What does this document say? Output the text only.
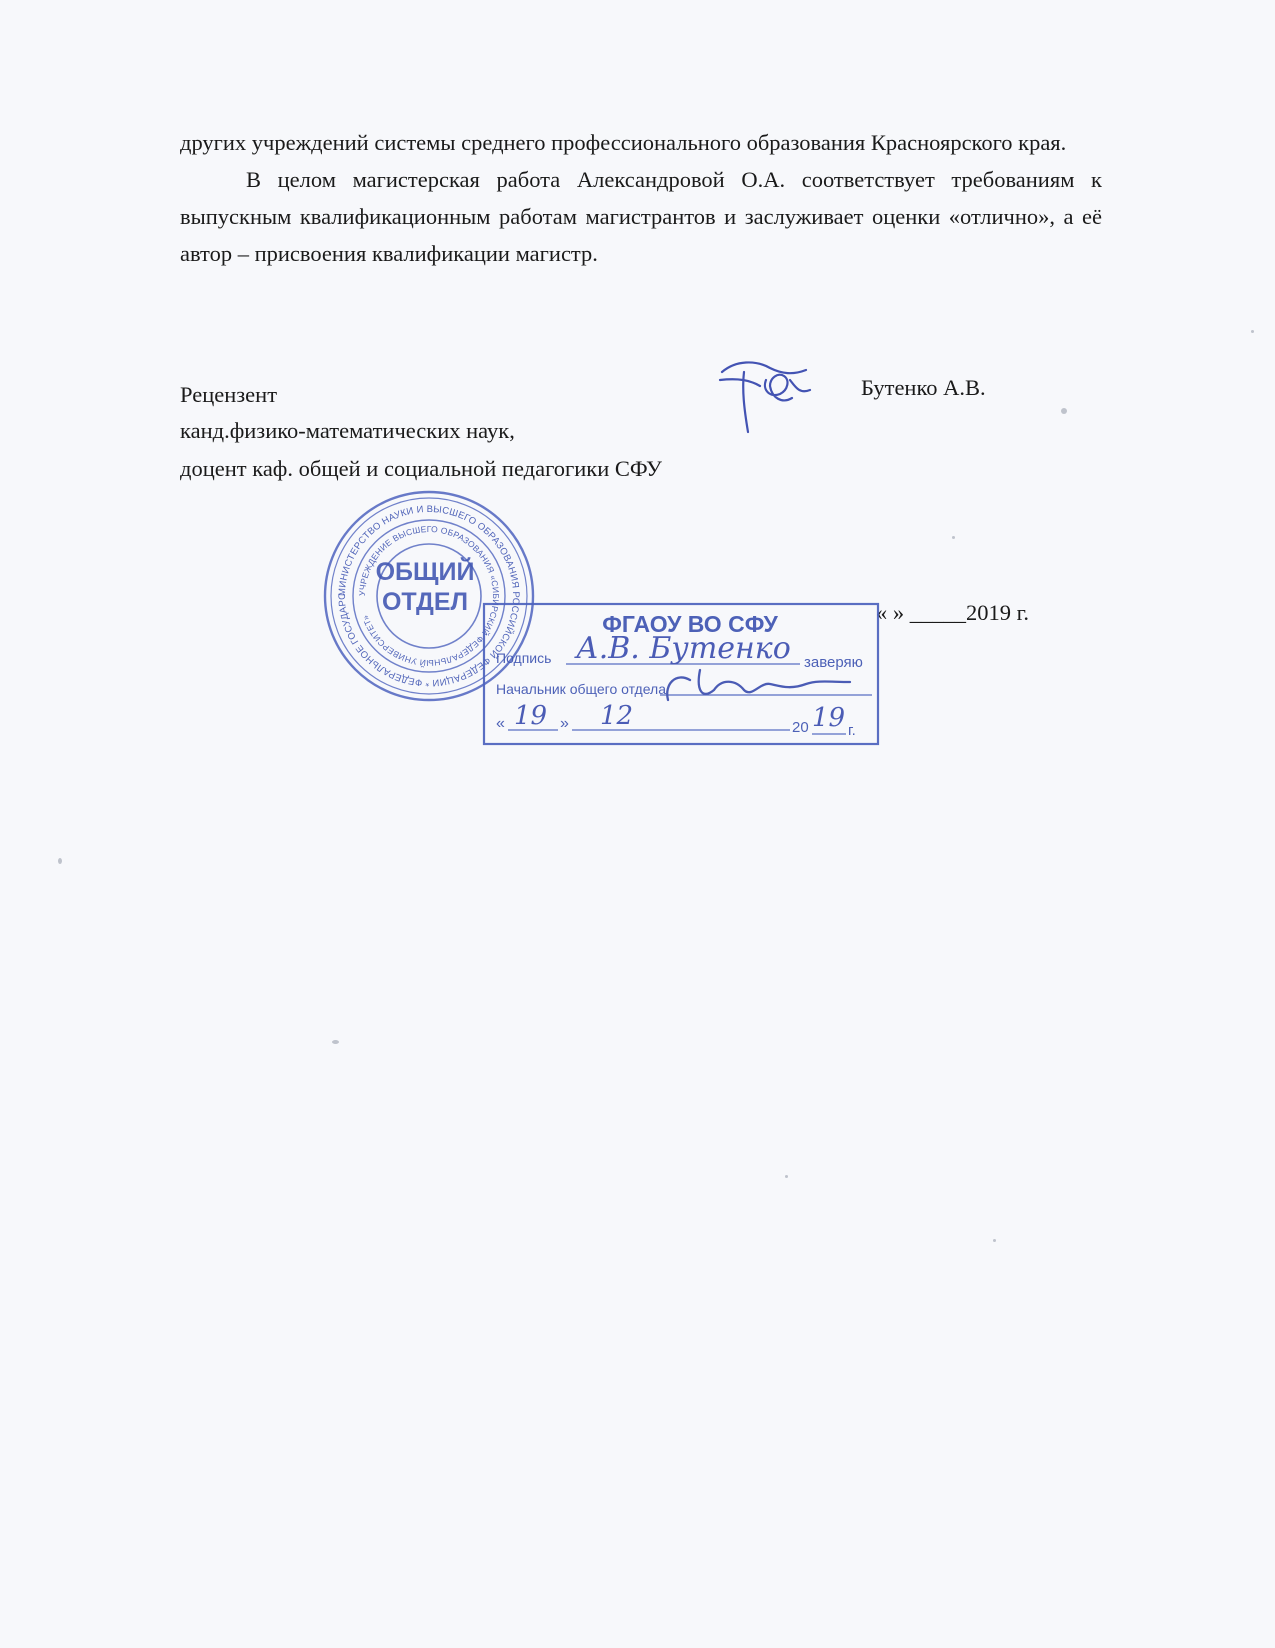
других учреждений системы среднего профессионального образования Красноярского края.

В целом магистерская работа Александровой О.А. соответствует требованиям к выпускным квалификационным работам магистрантов и заслуживает оценки «отлично», а её автор – присвоения квалификации магистр.

Рецензент	Бутенко А.В.
канд.физико-математических наук,
доцент каф. общей и социальной педагогики СФУ
« » _____2019 г.
МИНИСТЕРСТВО НАУКИ И ВЫСШЕГО ОБРАЗОВАНИЯ РОССИЙСКОЙ ФЕДЕРАЦИИ * ФЕДЕРАЛЬНОЕ ГОСУДАРС	УЧРЕЖДЕНИЕ ВЫСШЕГО ОБРАЗОВАНИЯ «СИБИРСКИЙ ФЕДЕРАЛЬНЫЙ УНИВЕРСИТЕТ»
ОБЩИЙ
ОТДЕЛ
ФГАОУ ВО СФУ
Подпись А.В. Бутенко заверяю
Начальник общего отдела
« 19 » 12	20 19 г.
